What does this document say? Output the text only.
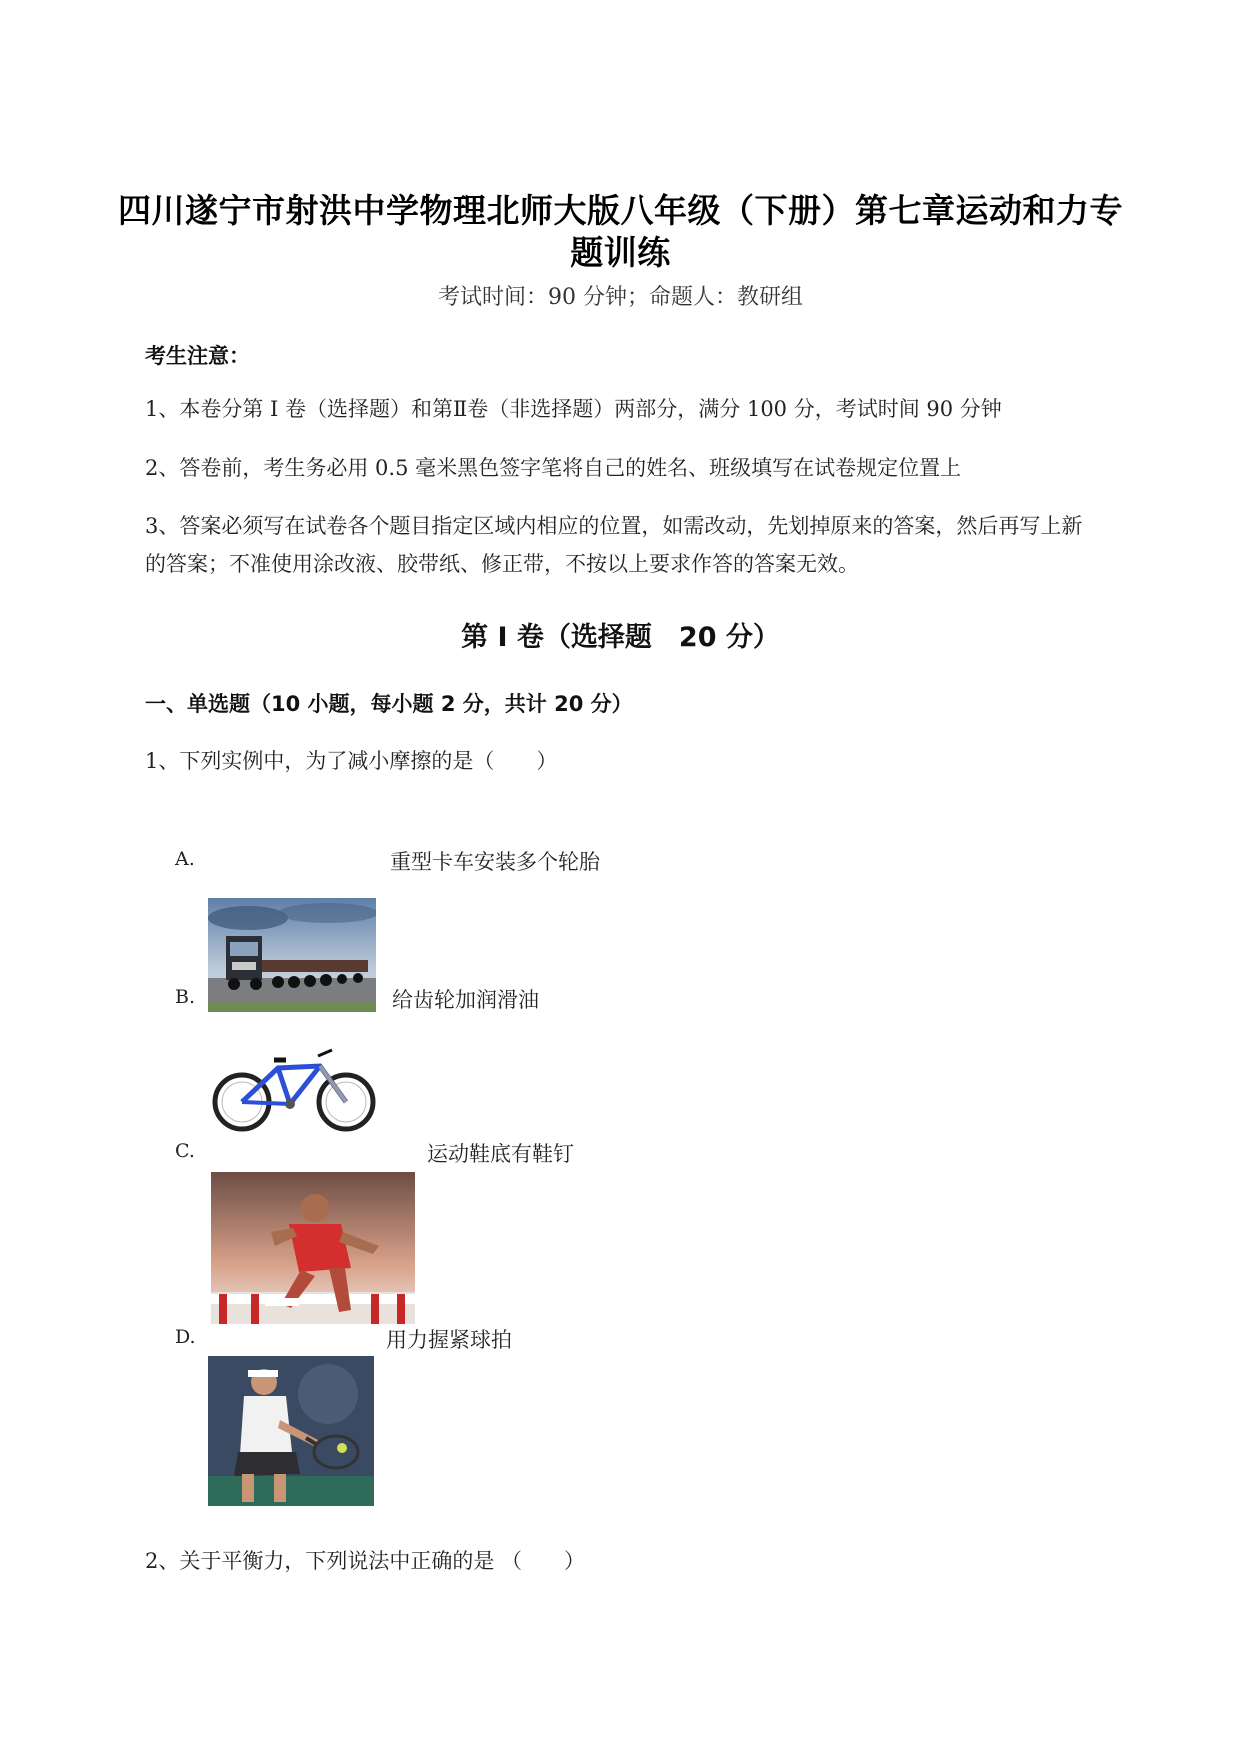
四川遂宁市射洪中学物理北师大版八年级（下册）第七章运动和力专
题训练
考试时间：90 分钟；命题人：教研组
考生注意：
1、本卷分第 I 卷（选择题）和第Ⅱ卷（非选择题）两部分，满分 100 分，考试时间 90 分钟
2、答卷前，考生务必用 0.5 毫米黑色签字笔将自己的姓名、班级填写在试卷规定位置上
3、答案必须写在试卷各个题目指定区域内相应的位置，如需改动，先划掉原来的答案，然后再写上新
的答案；不准使用涂改液、胶带纸、修正带，不按以上要求作答的答案无效。
第 I 卷（选择题　20 分）
一、单选题（10 小题，每小题 2 分，共计 20 分）
1、下列实例中，为了减小摩擦的是（　　）
A.	重型卡车安装多个轮胎
B.	给齿轮加润滑油
C.	运动鞋底有鞋钉
D.	用力握紧球拍
2、关于平衡力，下列说法中正确的是 （　　）
